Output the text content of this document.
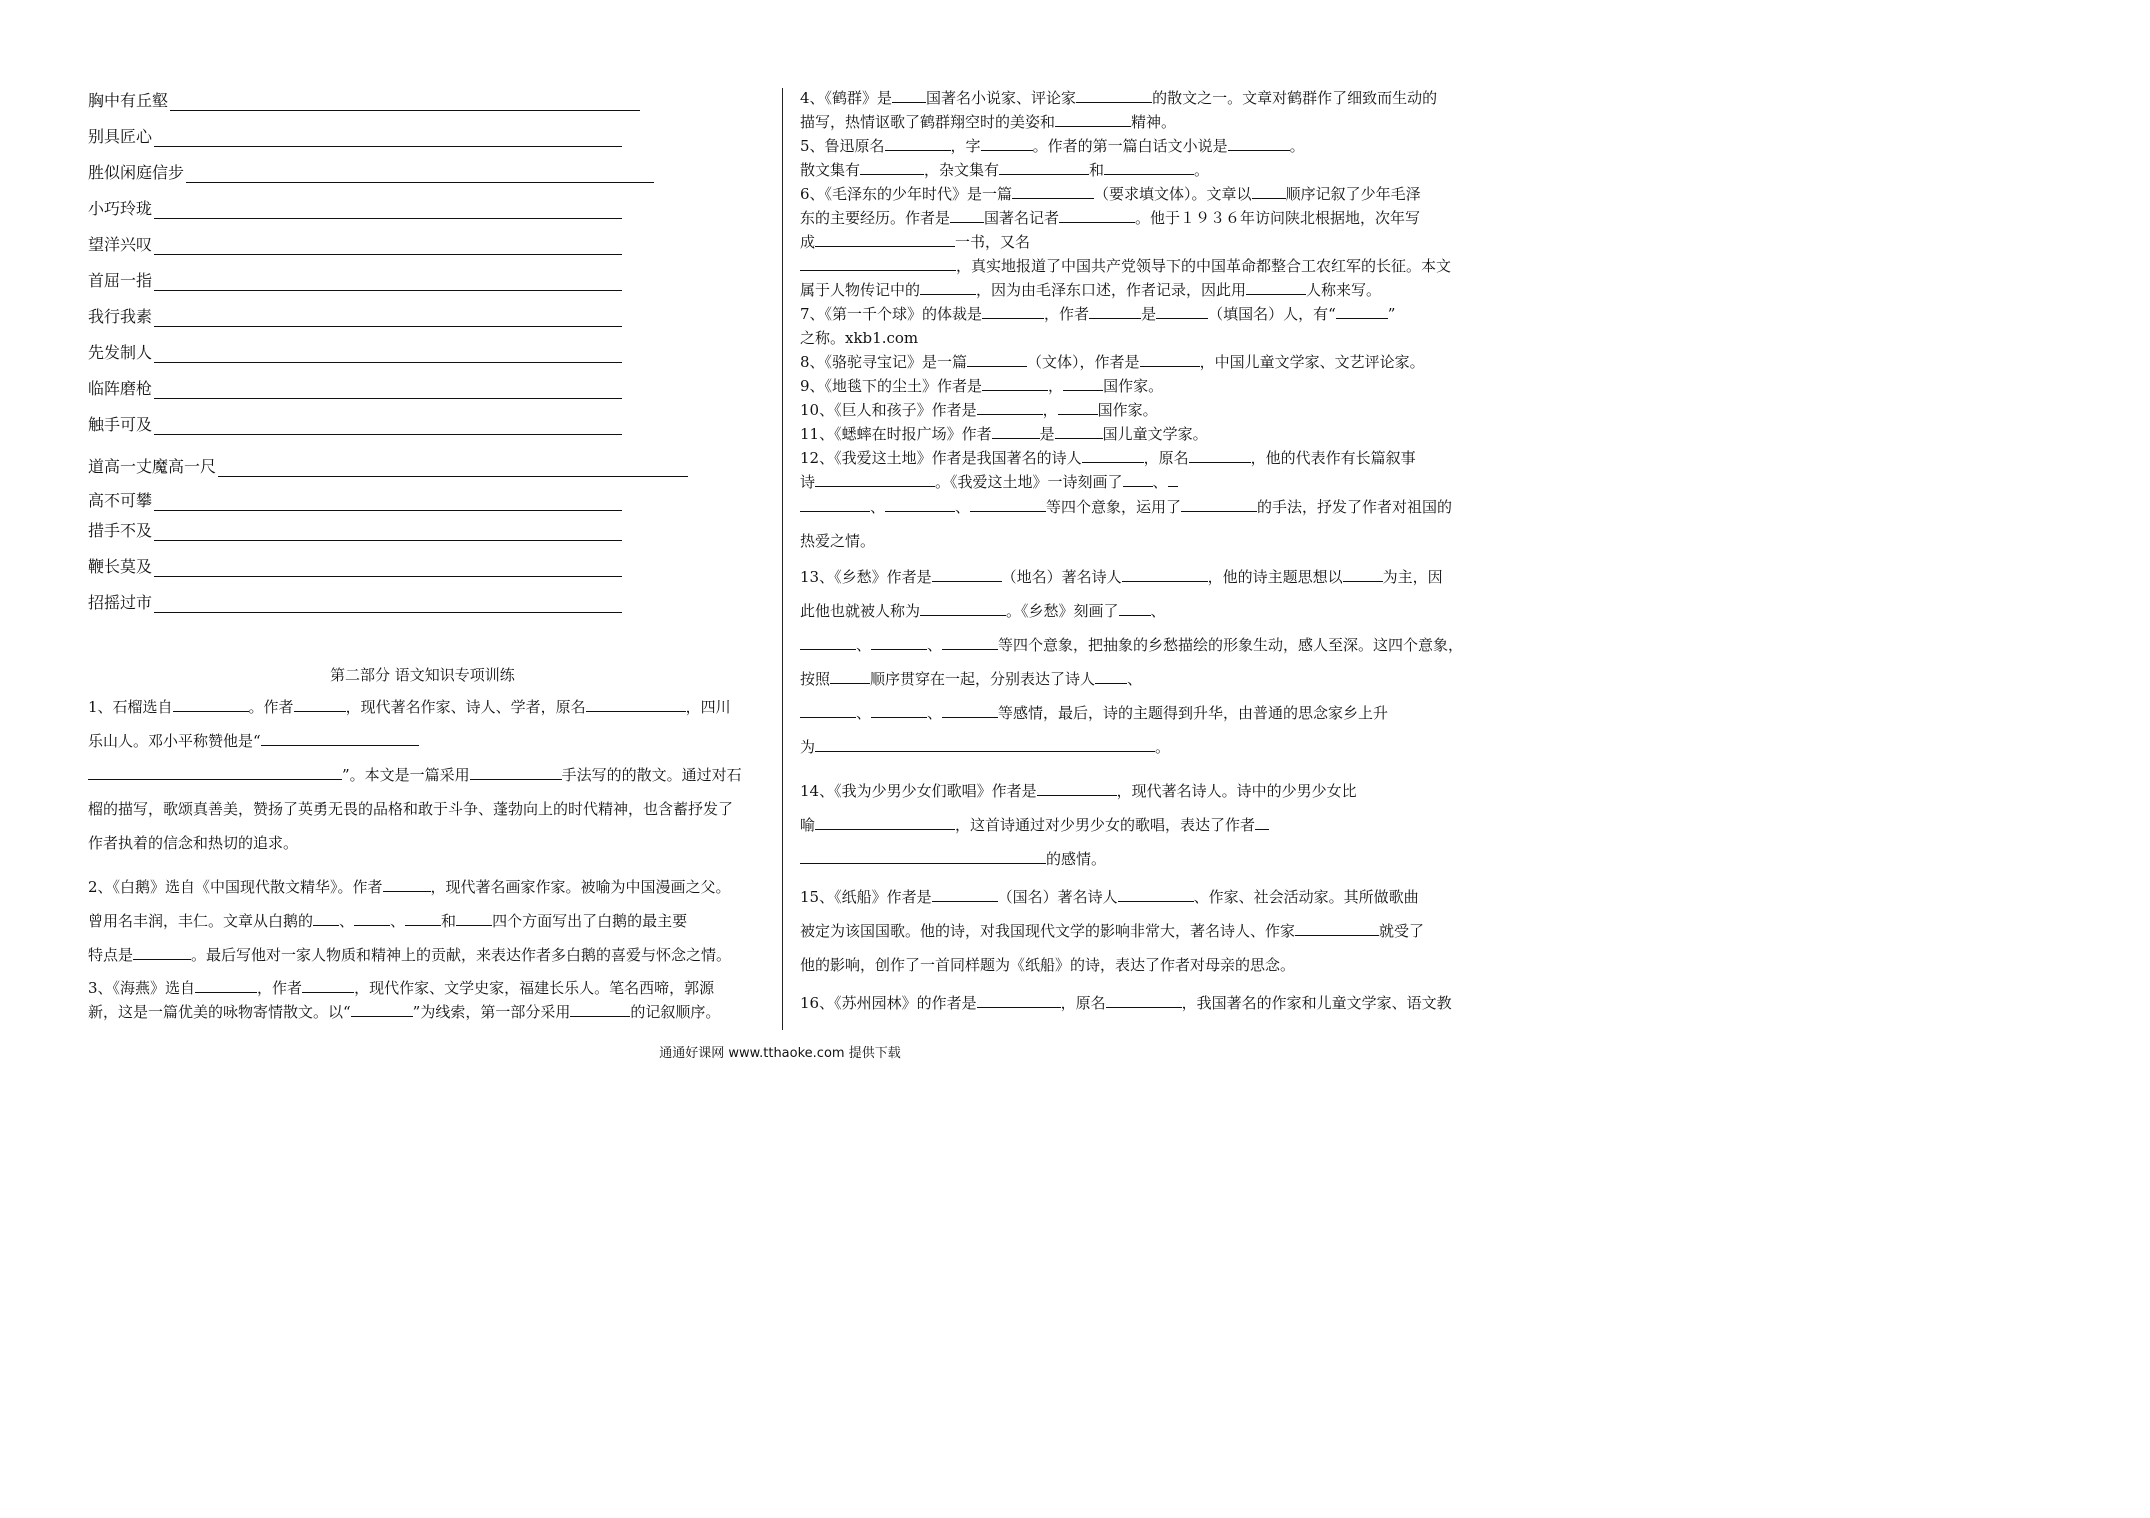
胸中有丘壑
别具匠心
胜似闲庭信步
小巧玲珑
望洋兴叹
首屈一指
我行我素
先发制人
临阵磨枪
触手可及
道高一丈魔高一尺
高不可攀
措手不及
鞭长莫及
招摇过市
第二部分 语文知识专项训练
1、石榴选自	。作者	，现代著名作家、诗人、学者，原名	，四川
乐山人。邓小平称赞他是“
”。本文是一篇采用	手法写的的散文。通过对石
榴的描写，歌颂真善美，赞扬了英勇无畏的品格和敢于斗争、蓬勃向上的时代精神，也含蓄抒发了
作者执着的信念和热切的追求。
2、《白鹅》选自《中国现代散文精华》。作者	，现代著名画家作家。被喻为中国漫画之父。
曾用名丰润，丰仁。文章从白鹅的 、 、 和 四个方面写出了白鹅的最主要
特点是	。最后写他对一家人物质和精神上的贡献，来表达作者多白鹅的喜爱与怀念之情。
3、《海燕》选自	，作者	，现代作家、文学史家，福建长乐人。笔名西啼，郭源
新，这是一篇优美的咏物寄情散文。以“	”为线索，第一部分采用	的记叙顺序。
4、《鹤群》是 国著名小说家、评论家	的散文之一。文章对鹤群作了细致而生动的
描写，热情讴歌了鹤群翔空时的美姿和	精神。
5、鲁迅原名	，字	。作者的第一篇白话文小说是	。
散文集有	，杂文集有	和	。
6、《毛泽东的少年时代》是一篇	（要求填文体）。文章以 顺序记叙了少年毛泽
东的主要经历。作者是 国著名记者	。他于１９３６年访问陕北根据地，次年写
成	一书，又名
，真实地报道了中国共产党领导下的中国革命都整合工农红军的长征。本文
属于人物传记中的	，因为由毛泽东口述，作者记录，因此用	人称来写。
7、《第一千个球》的体裁是	，作者	是	（填国名）人，有“	”
之称。xkb1.com
8、《骆驼寻宝记》是一篇	（文体），作者是	，中国儿童文学家、文艺评论家。
9、《地毯下的尘土》作者是	，	国作家。
10、《巨人和孩子》作者是	，	国作家。
11、《蟋蟀在时报广场》作者	是	国儿童文学家。
12、《我爱这土地》作者是我国著名的诗人	，原名	，他的代表作有长篇叙事
诗	。《我爱这土地》一诗刻画了 、
、	、	等四个意象，运用了	的手法，抒发了作者对祖国的
热爱之情。
13、《乡愁》作者是	（地名）著名诗人	，他的诗主题思想以	为主，因
此他也就被人称为	。《乡愁》刻画了 、
、	、	等四个意象，把抽象的乡愁描绘的形象生动，感人至深。这四个意象，
按照	顺序贯穿在一起，分别表达了诗人 、
、	、	等感情，最后，诗的主题得到升华，由普通的思念家乡上升
为	。
14、《我为少男少女们歌唱》作者是	，现代著名诗人。诗中的少男少女比
喻	，这首诗通过对少男少女的歌唱，表达了作者
的感情。
15、《纸船》作者是	（国名）著名诗人	、作家、社会活动家。其所做歌曲
被定为该国国歌。他的诗，对我国现代文学的影响非常大，著名诗人、作家	就受了
他的影响，创作了一首同样题为《纸船》的诗，表达了作者对母亲的思念。
16、《苏州园林》的作者是	，原名	，我国著名的作家和儿童文学家、语文教
通通好课网 www.tthaoke.com 提供下载
